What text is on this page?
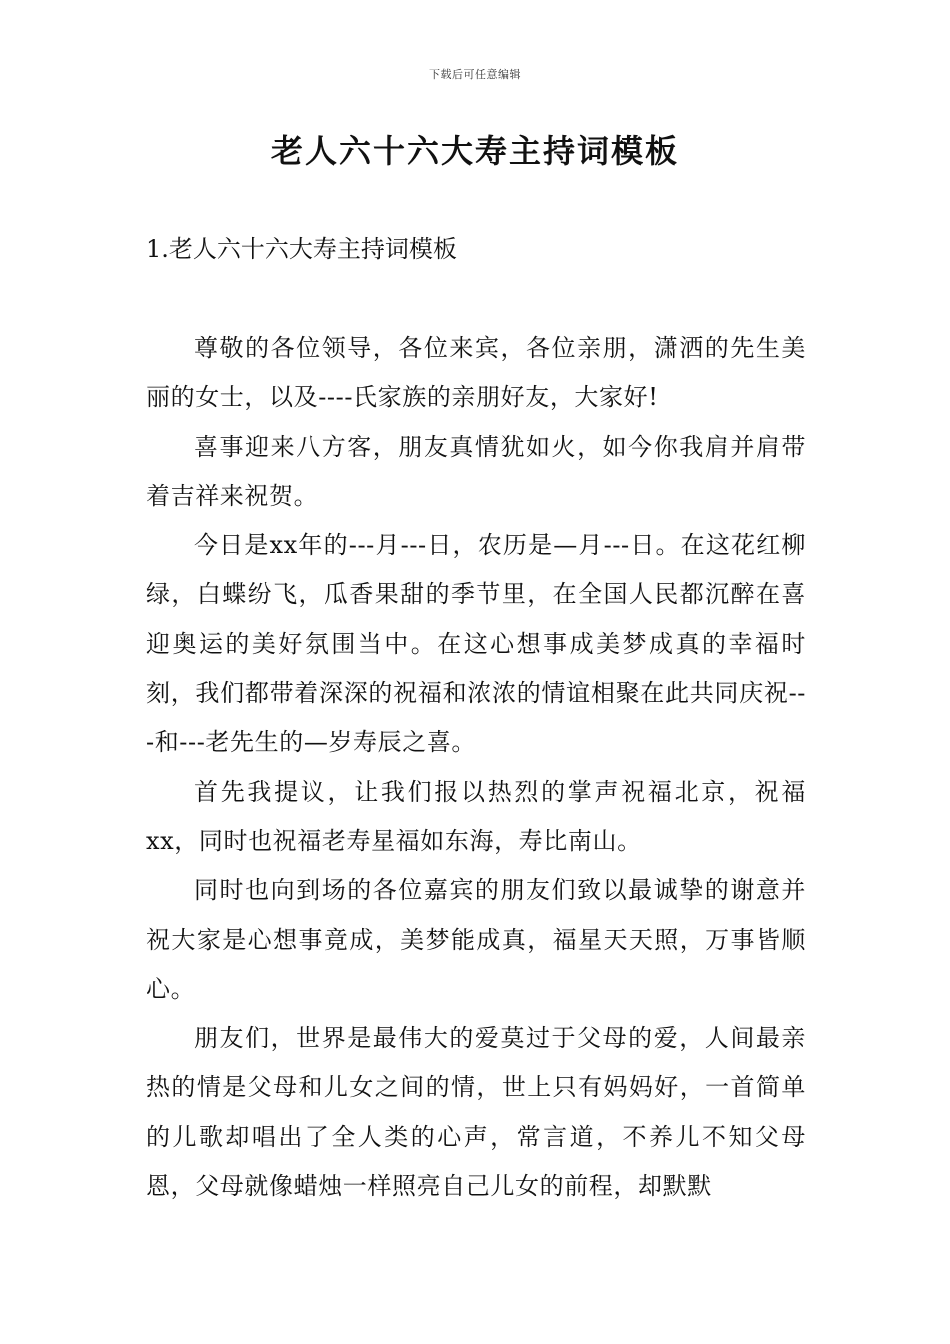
下载后可任意编辑
老人六十六大寿主持词模板
1.老人六十六大寿主持词模板

尊敬的各位领导，各位来宾，各位亲朋，潇洒的先生美丽的女士，以及----氏家族的亲朋好友，大家好!

喜事迎来八方客，朋友真情犹如火，如今你我肩并肩带着吉祥来祝贺。

今日是xx年的---月---日，农历是—月---日。在这花红柳绿，白蝶纷飞，瓜香果甜的季节里，在全国人民都沉醉在喜迎奥运的美好氛围当中。在这心想事成美梦成真的幸福时刻，我们都带着深深的祝福和浓浓的情谊相聚在此共同庆祝---和---老先生的—岁寿辰之喜。

首先我提议，让我们报以热烈的掌声祝福北京，祝福xx，同时也祝福老寿星福如东海，寿比南山。

同时也向到场的各位嘉宾的朋友们致以最诚挚的谢意并祝大家是心想事竟成，美梦能成真，福星天天照，万事皆顺心。

朋友们，世界是最伟大的爱莫过于父母的爱，人间最亲热的情是父母和儿女之间的情，世上只有妈妈好，一首简单的儿歌却唱出了全人类的心声，常言道，不养儿不知父母恩，父母就像蜡烛一样照亮自己儿女的前程，却默默
